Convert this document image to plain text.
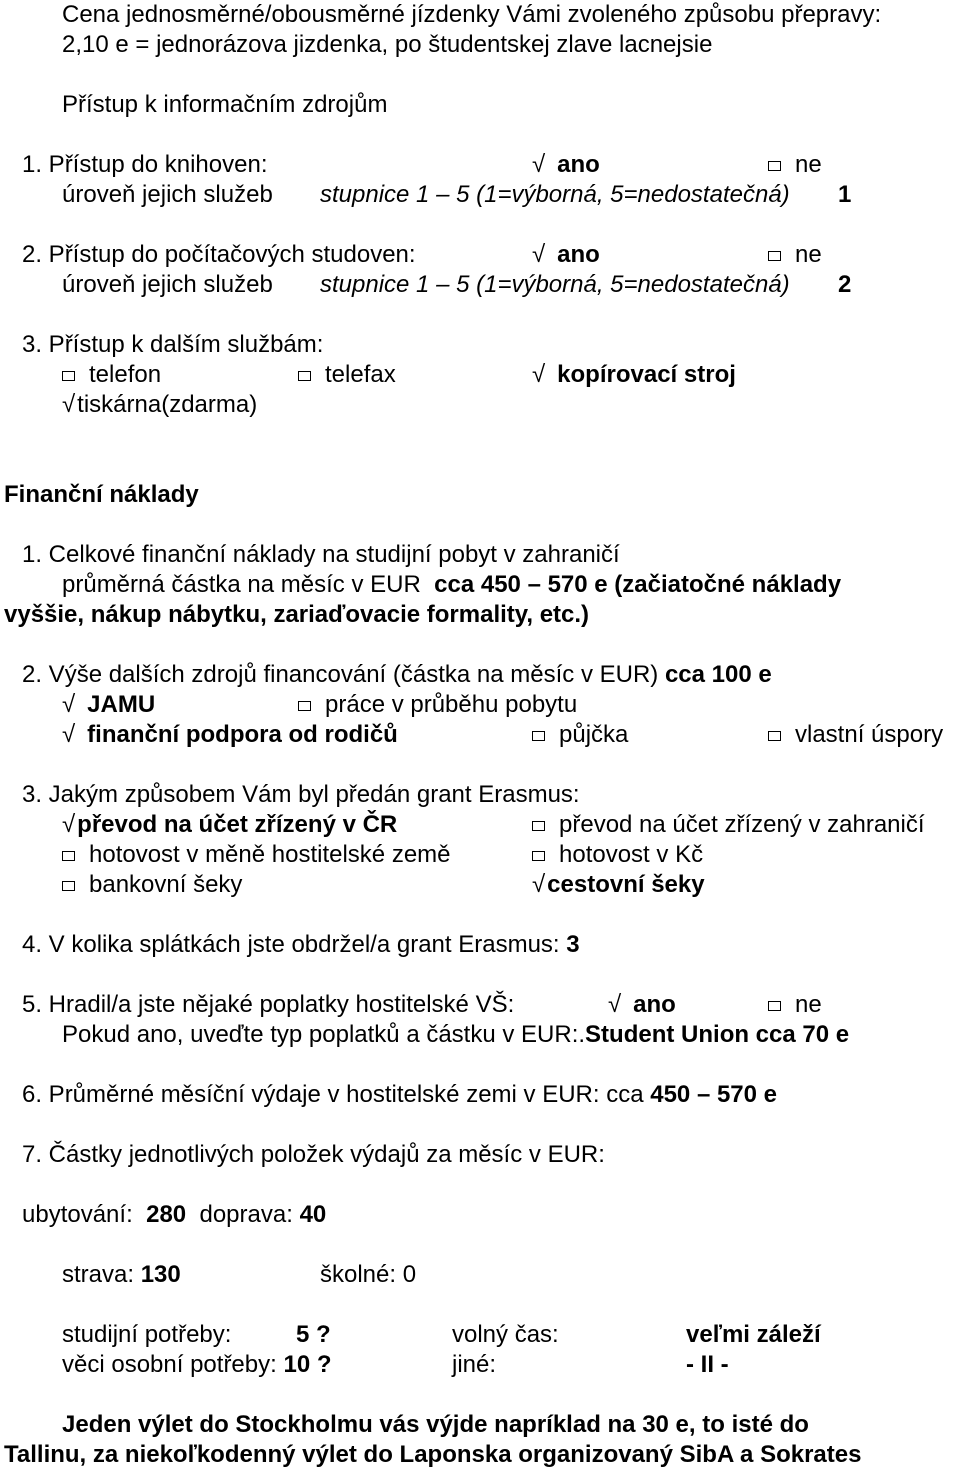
Cena jednosměrné/obousměrné jízdenky Vámi zvoleného způsobu přepravy:
2,10 e = jednorázova jizdenka, po študentskej zlave lacnejsie
Přístup k informačním zdrojům
1. Přístup do knihoven:	√ ano	ne
úroveň jejich služeb stupnice 1 – 5 (1=výborná, 5=nedostatečná) 1
2. Přístup do počítačových studoven:	√ ano	ne
úroveň jejich služeb stupnice 1 – 5 (1=výborná, 5=nedostatečná) 2
3. Přístup k dalším službám:
telefon	telefax	√ kopírovací stroj
√tiskárna(zdarma)
Finanční náklady
1. Celkové finanční náklady na studijní pobyt v zahraničí
průměrná částka na měsíc v EUR cca 450 – 570 e (začiatočné náklady
vyššie, nákup nábytku, zariaďovacie formality, etc.)
2. Výše dalších zdrojů financování (částka na měsíc v EUR) cca 100 e
√ JAMU	práce v průběhu pobytu
√ finanční podpora od rodičů	půjčka	vlastní úspory
3. Jakým způsobem Vám byl předán grant Erasmus:
√převod na účet zřízený v ČR	převod na účet zřízený v zahraničí
hotovost v měně hostitelské země	hotovost v Kč
bankovní šeky	√cestovní šeky
4. V kolika splátkách jste obdržel/a grant Erasmus: 3
5. Hradil/a jste nějaké poplatky hostitelské VŠ:	√ ano	ne
Pokud ano, uveďte typ poplatků a částku v EUR:.Student Union cca 70 e
6. Průměrné měsíční výdaje v hostitelské zemi v EUR: cca 450 – 570 e
7. Částky jednotlivých položek výdajů za měsíc v EUR:
ubytování: 280 doprava: 40
strava: 130	školné: 0
studijní potřeby:	5 ?	volný čas:	veľmi záleží
věci osobní potřeby: 10 ?	jiné:	- II -
Jeden výlet do Stockholmu vás výjde napríklad na 30 e, to isté do
Tallinu, za niekoľkodenný výlet do Laponska organizovaný SibA a Sokrates
